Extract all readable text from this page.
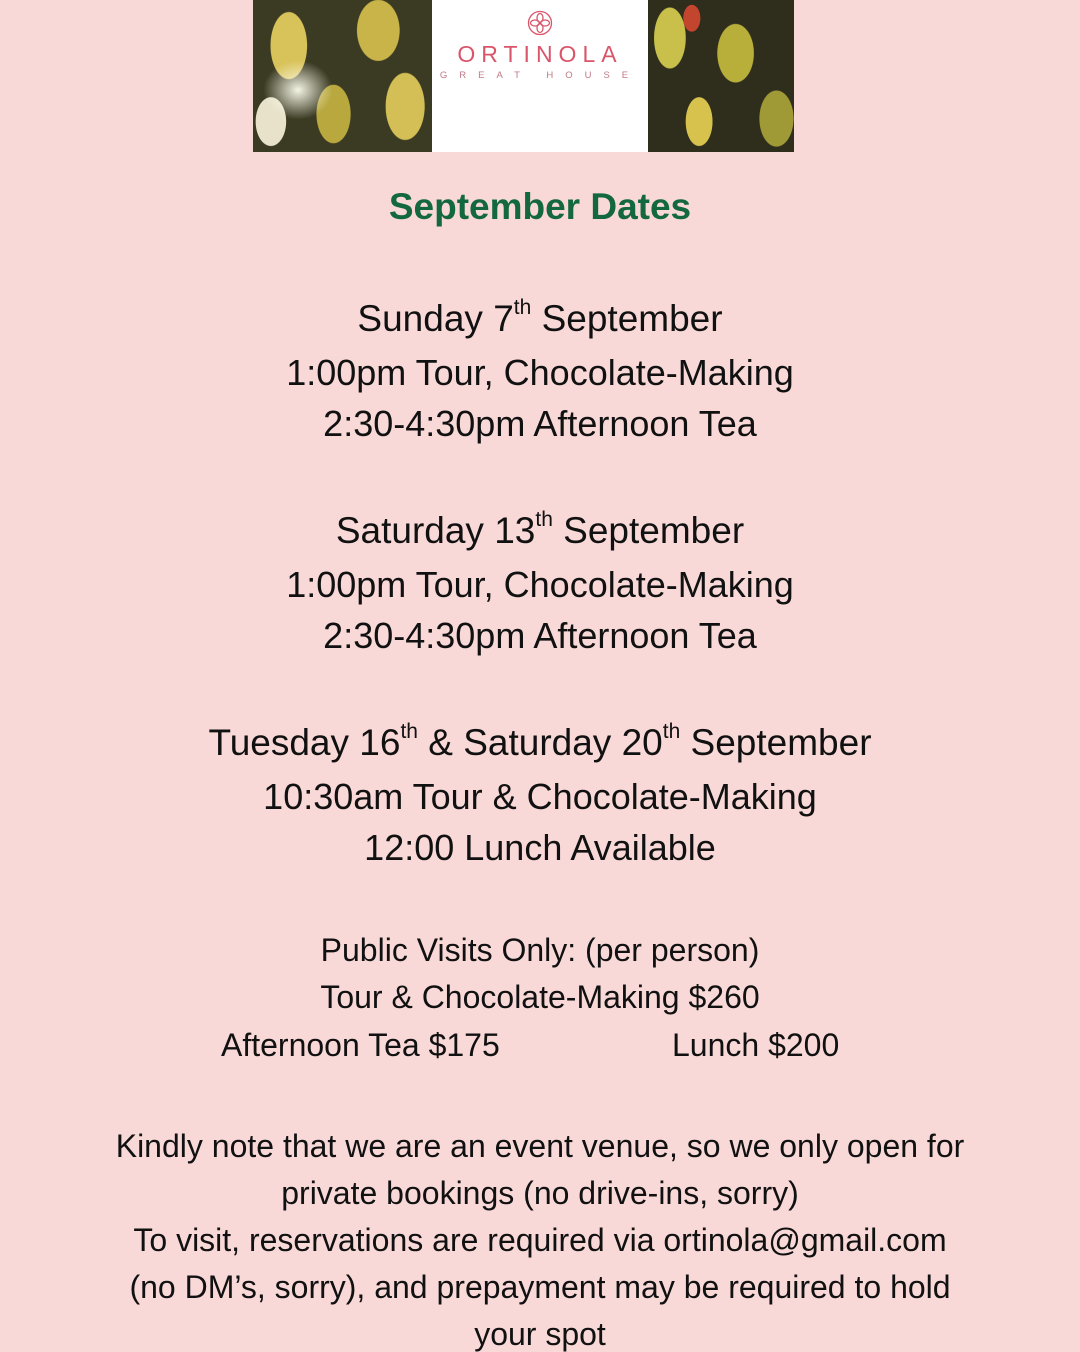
ORTINOLA
GREAT HOUSE
September Dates
Sunday 7th September
1:00pm Tour, Chocolate-Making
2:30-4:30pm Afternoon Tea
Saturday 13th September
1:00pm Tour, Chocolate-Making
2:30-4:30pm Afternoon Tea
Tuesday 16th & Saturday 20th September
10:30am Tour & Chocolate-Making
12:00 Lunch Available
Public Visits Only: (per person)
Tour & Chocolate-Making $260
Afternoon Tea $175	Lunch $200
Kindly note that we are an event venue, so we only open for
private bookings (no drive-ins, sorry)
To visit, reservations are required via ortinola@gmail.com
(no DM’s, sorry), and prepayment may be required to hold
your spot
